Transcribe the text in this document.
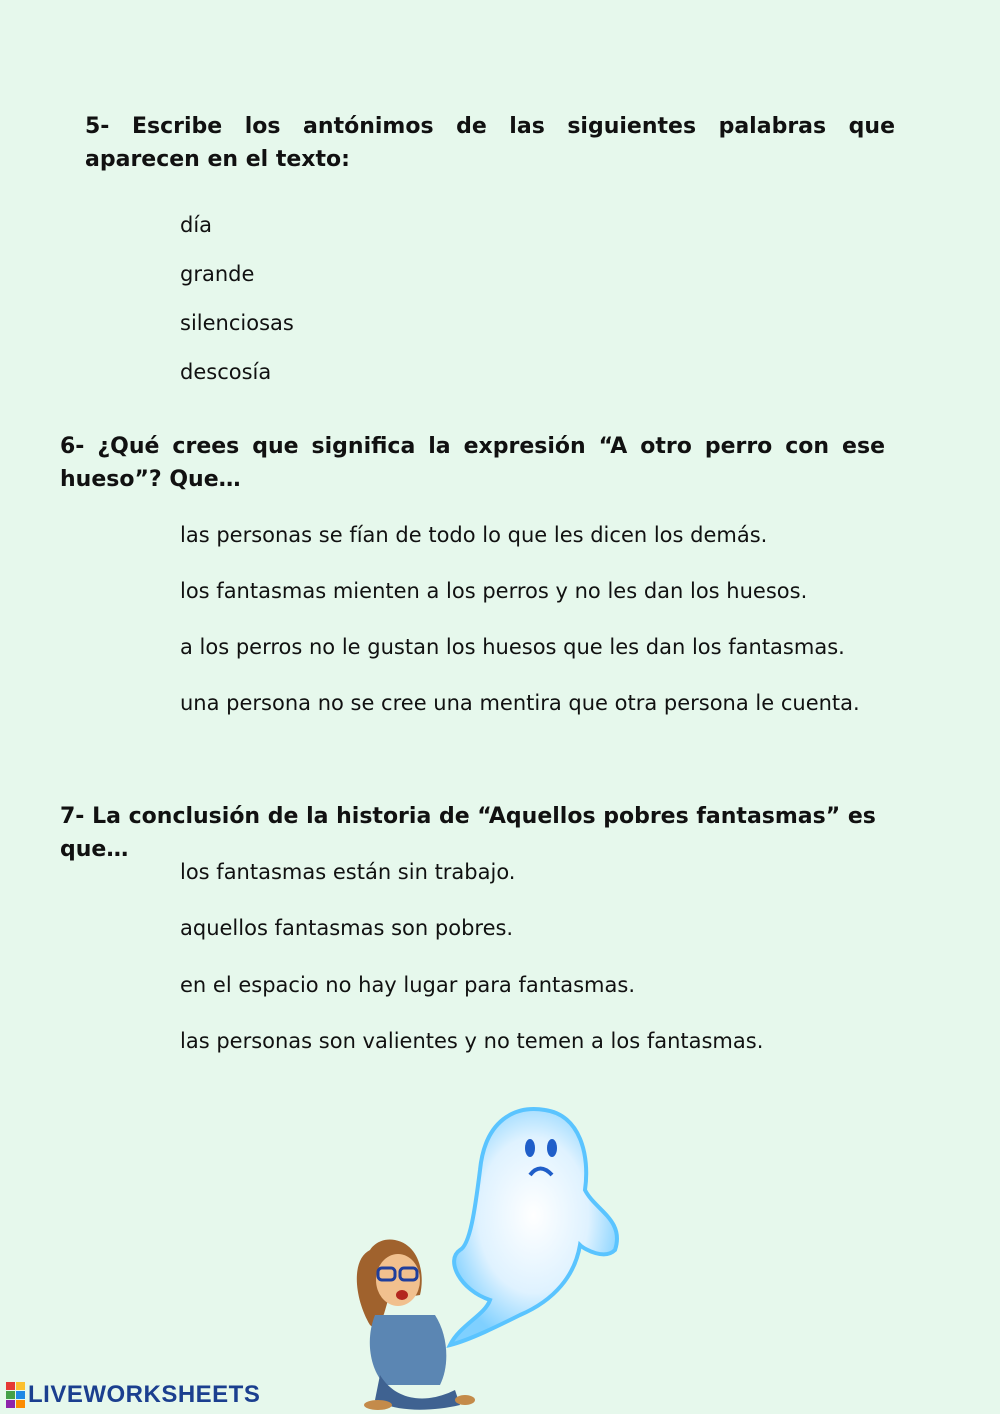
5- Escribe los antónimos de las siguientes palabras que aparecen en el texto:
día
grande
silenciosas
descosía
6- ¿Qué crees que significa la expresión “A otro perro con ese hueso”? Que…
las personas se fían de todo lo que les dicen los demás.
los fantasmas mienten a los perros y no les dan los huesos.
a los perros no le gustan los huesos que les dan los fantasmas.
una persona no se cree una mentira que otra persona le cuenta.
7- La conclusión de la historia de “Aquellos pobres fantasmas” es que…
los fantasmas están sin trabajo.
aquellos fantasmas son pobres.
en el espacio no hay lugar para fantasmas.
las personas son valientes y no temen a los fantasmas.
LIVEWORKSHEETS
